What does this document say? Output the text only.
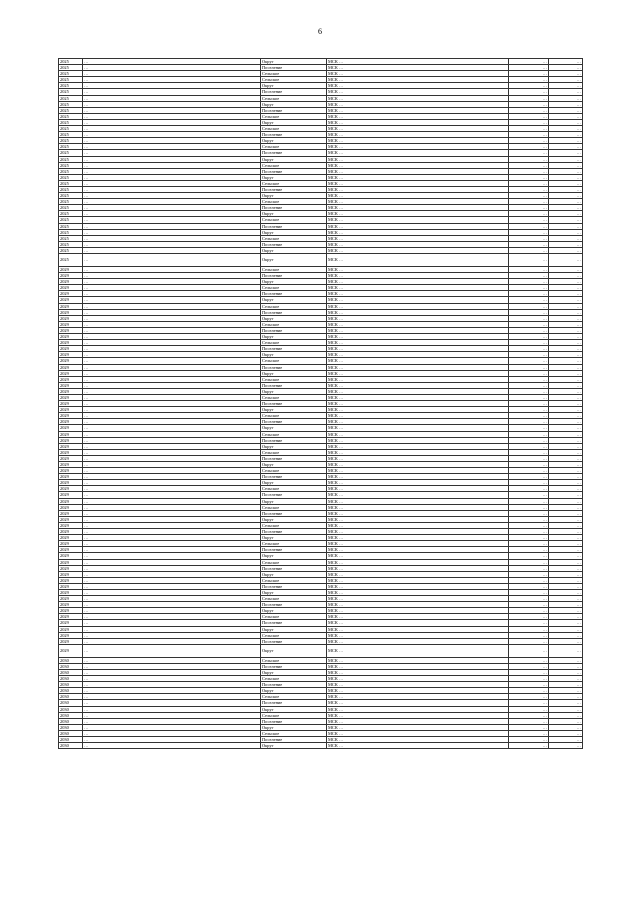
6
2025	…	Округ	МСК …	…	…
2025	…	Поселение	МСК …	…	…
2025	…	Сельское	МСК …	…	…
2025	…	Сельское	МСК …	…	…
2025	…	Округ	МСК …	…	…
2025	…	Поселение	МСК …	…	…
2025	…	Сельское	МСК …	…	…
2025	…	Округ	МСК …	…	…
2025	…	Поселение	МСК …	…	…
2025	…	Сельское	МСК …	…	…
2025	…	Округ	МСК …	…	…
2025	…	Сельское	МСК …	…	…
2025	…	Поселение	МСК …	…	…
2025	…	Округ	МСК …	…	…
2025	…	Сельское	МСК …	…	…
2025	…	Поселение	МСК …	…	…
2025	…	Округ	МСК …	…	…
2025	…	Сельское	МСК …	…	…
2025	…	Поселение	МСК …	…	…
2025	…	Округ	МСК …	…	…
2025	…	Сельское	МСК …	…	…
2025	…	Поселение	МСК …	…	…
2025	…	Округ	МСК …	…	…
2025	…	Сельское	МСК …	…	…
2025	…	Поселение	МСК …	…	…
2025	…	Округ	МСК …	…	…
2025	…	Сельское	МСК …	…	…
2025	…	Поселение	МСК …	…	…
2025	…	Округ	МСК …	…	…
2025	…	Сельское	МСК …	…	…
2025	…	Поселение	МСК …	…	…
2025	…	Округ	МСК …	…	…
2025	…	Округ	МСК …	…	…
2029	…	Сельское	МСК …	…	…
2029	…	Поселение	МСК …	…	…
2029	…	Округ	МСК …	…	…
2029	…	Сельское	МСК …	…	…
2029	…	Поселение	МСК …	…	…
2029	…	Округ	МСК …	…	…
2029	…	Сельское	МСК …	…	…
2029	…	Поселение	МСК …	…	…
2029	…	Округ	МСК …	…	…
2029	…	Сельское	МСК …	…	…
2029	…	Поселение	МСК …	…	…
2029	…	Округ	МСК …	…	…
2029	…	Сельское	МСК …	…	…
2029	…	Поселение	МСК …	…	…
2029	…	Округ	МСК …	…	…
2029	…	Сельское	МСК …	…	…
2029	…	Поселение	МСК …	…	…
2029	…	Округ	МСК …	…	…
2029	…	Сельское	МСК …	…	…
2029	…	Поселение	МСК …	…	…
2029	…	Округ	МСК …	…	…
2029	…	Сельское	МСК …	…	…
2029	…	Поселение	МСК …	…	…
2029	…	Округ	МСК …	…	…
2029	…	Сельское	МСК …	…	…
2029	…	Поселение	МСК …	…	…
2029	…	Округ	МСК …	…	…
2029	…	Сельское	МСК …	…	…
2029	…	Поселение	МСК …	…	…
2029	…	Округ	МСК …	…	…
2029	…	Сельское	МСК …	…	…
2029	…	Поселение	МСК …	…	…
2029	…	Округ	МСК …	…	…
2029	…	Сельское	МСК …	…	…
2029	…	Поселение	МСК …	…	…
2029	…	Округ	МСК …	…	…
2029	…	Сельское	МСК …	…	…
2029	…	Поселение	МСК …	…	…
2029	…	Округ	МСК …	…	…
2029	…	Сельское	МСК …	…	…
2029	…	Поселение	МСК …	…	…
2029	…	Округ	МСК …	…	…
2029	…	Сельское	МСК …	…	…
2029	…	Поселение	МСК …	…	…
2029	…	Округ	МСК …	…	…
2029	…	Сельское	МСК …	…	…
2029	…	Поселение	МСК …	…	…
2029	…	Округ	МСК …	…	…
2029	…	Сельское	МСК …	…	…
2029	…	Поселение	МСК …	…	…
2029	…	Округ	МСК …	…	…
2029	…	Сельское	МСК …	…	…
2029	…	Поселение	МСК …	…	…
2029	…	Округ	МСК …	…	…
2029	…	Сельское	МСК …	…	…
2029	…	Поселение	МСК …	…	…
2029	…	Округ	МСК …	…	…
2029	…	Сельское	МСК …	…	…
2029	…	Поселение	МСК …	…	…
2029	…	Округ	МСК …	…	…
2029	…	Сельское	МСК …	…	…
2029	…	Поселение	МСК …	…	…
2029	…	Округ	МСК …	…	…
2030	…	Сельское	МСК …	…	…
2030	…	Поселение	МСК …	…	…
2030	…	Округ	МСК …	…	…
2030	…	Сельское	МСК …	…	…
2030	…	Поселение	МСК …	…	…
2030	…	Округ	МСК …	…	…
2030	…	Сельское	МСК …	…	…
2030	…	Поселение	МСК …	…	…
2030	…	Округ	МСК …	…	…
2030	…	Сельское	МСК …	…	…
2030	…	Поселение	МСК …	…	…
2030	…	Округ	МСК …	…	…
2030	…	Сельское	МСК …	…	…
2030	…	Поселение	МСК …	…	…
2030	…	Округ	МСК …	…	…
